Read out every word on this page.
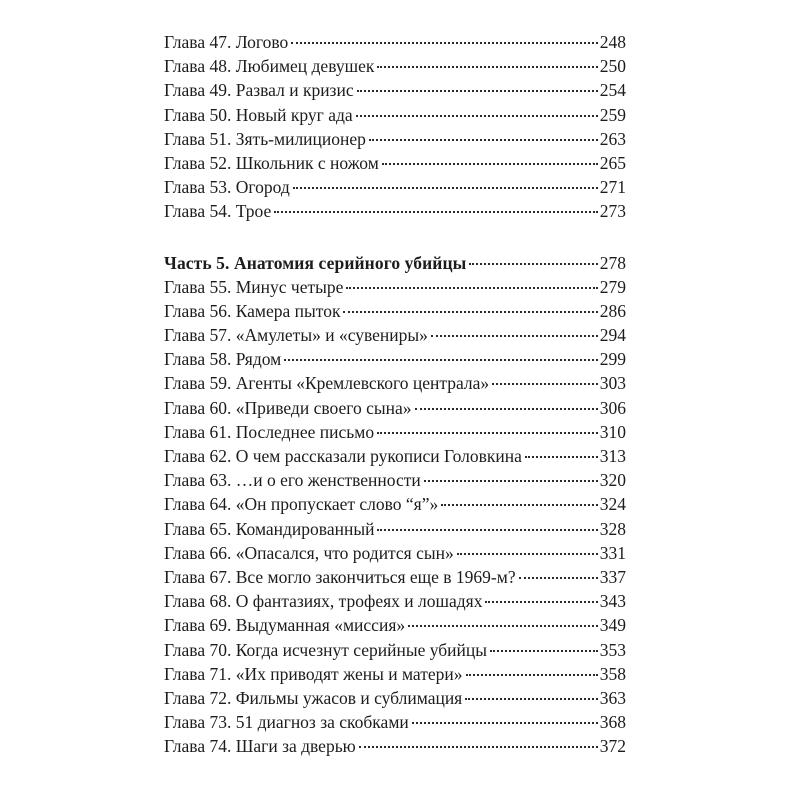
Глава 47. Логово	248
Глава 48. Любимец девушек	250
Глава 49. Развал и кризис	254
Глава 50. Новый круг ада	259
Глава 51. Зять-милиционер	263
Глава 52. Школьник с ножом	265
Глава 53. Огород	271
Глава 54. Трое	273
Часть 5. Анатомия серийного убийцы	278
Глава 55. Минус четыре	279
Глава 56. Камера пыток	286
Глава 57. «Амулеты» и «сувениры»	294
Глава 58. Рядом	299
Глава 59. Агенты «Кремлевского централа»	303
Глава 60. «Приведи своего сына»	306
Глава 61. Последнее письмо	310
Глава 62. О чем рассказали рукописи Головкина	313
Глава 63. …и о его женственности	320
Глава 64. «Он пропускает слово “я”»	324
Глава 65. Командированный	328
Глава 66. «Опасался, что родится сын»	331
Глава 67. Все могло закончиться еще в 1969-м?	337
Глава 68. О фантазиях, трофеях и лошадях	343
Глава 69. Выдуманная «миссия»	349
Глава 70. Когда исчезнут серийные убийцы	353
Глава 71. «Их приводят жены и матери»	358
Глава 72. Фильмы ужасов и сублимация	363
Глава 73. 51 диагноз за скобками	368
Глава 74. Шаги за дверью	372
